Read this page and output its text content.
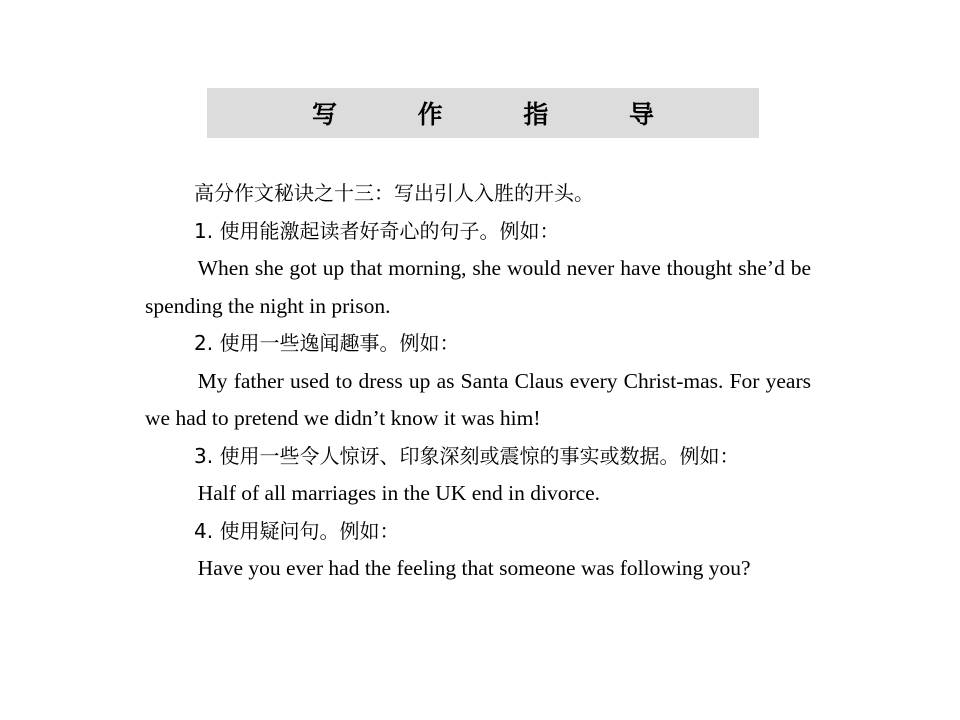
写 作 指 导

高分作文秘诀之十三：写出引人入胜的开头。

1. 使用能激起读者好奇心的句子。例如：

When she got up that morning, she would never have thought she’d be spending the night in prison.

2. 使用一些逸闻趣事。例如：

My father used to dress up as Santa Claus every Christ-mas. For years we had to pretend we didn’t know it was him!

3. 使用一些令人惊讶、印象深刻或震惊的事实或数据。例如：

Half of all marriages in the UK end in divorce.

4. 使用疑问句。例如：

Have you ever had the feeling that someone was following you?
